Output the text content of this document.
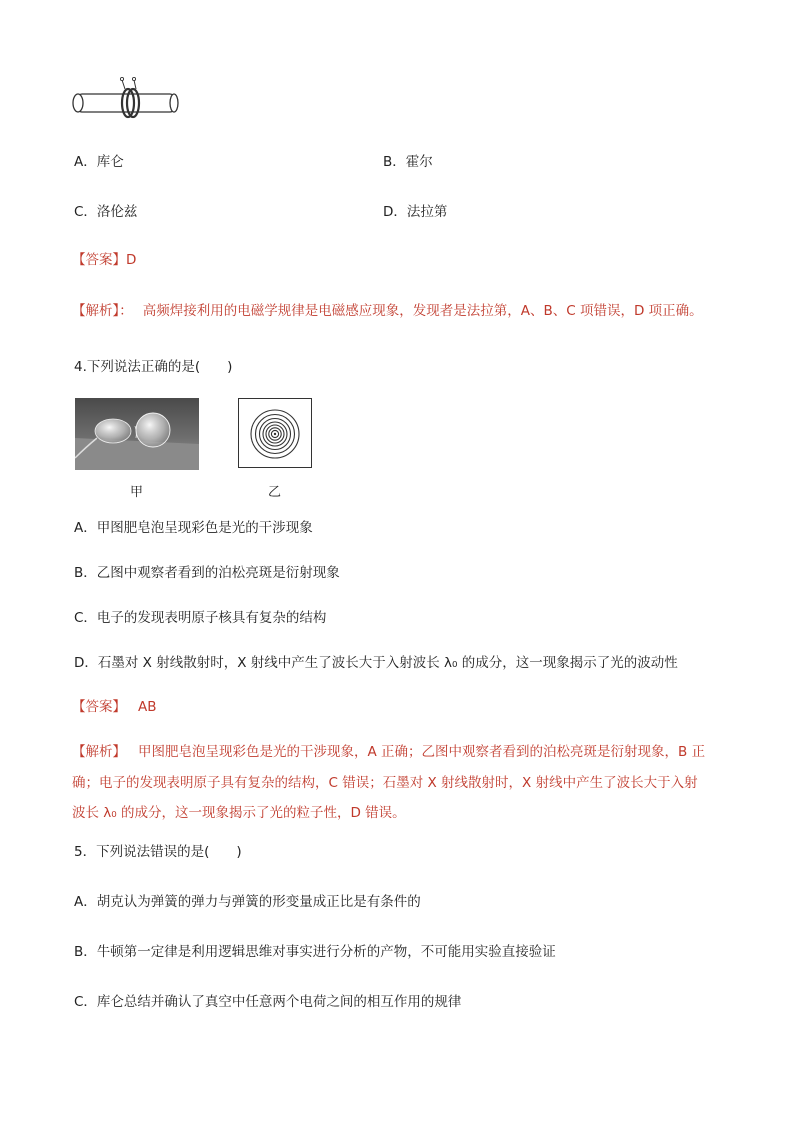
A．库仑	B．霍尔
C．洛伦兹	D．法拉第
【答案】D
【解析】： 高频焊接利用的电磁学规律是电磁感应现象，发现者是法拉第，A、B、C 项错误，D 项正确。
4.下列说法正确的是(　　)
甲	乙
A．甲图肥皂泡呈现彩色是光的干涉现象
B．乙图中观察者看到的泊松亮斑是衍射现象
C．电子的发现表明原子核具有复杂的结构
D．石墨对 X 射线散射时，X 射线中产生了波长大于入射波长 λ₀ 的成分，这一现象揭示了光的波动性
【答案】 AB
【解析】 甲图肥皂泡呈现彩色是光的干涉现象，A 正确；乙图中观察者看到的泊松亮斑是衍射现象，B 正
确；电子的发现表明原子具有复杂的结构，C 错误；石墨对 X 射线散射时，X 射线中产生了波长大于入射
波长 λ₀ 的成分，这一现象揭示了光的粒子性，D 错误。
5．下列说法错误的是(　　)
A．胡克认为弹簧的弹力与弹簧的形变量成正比是有条件的
B．牛顿第一定律是利用逻辑思维对事实进行分析的产物，不可能用实验直接验证
C．库仑总结并确认了真空中任意两个电荷之间的相互作用的规律
